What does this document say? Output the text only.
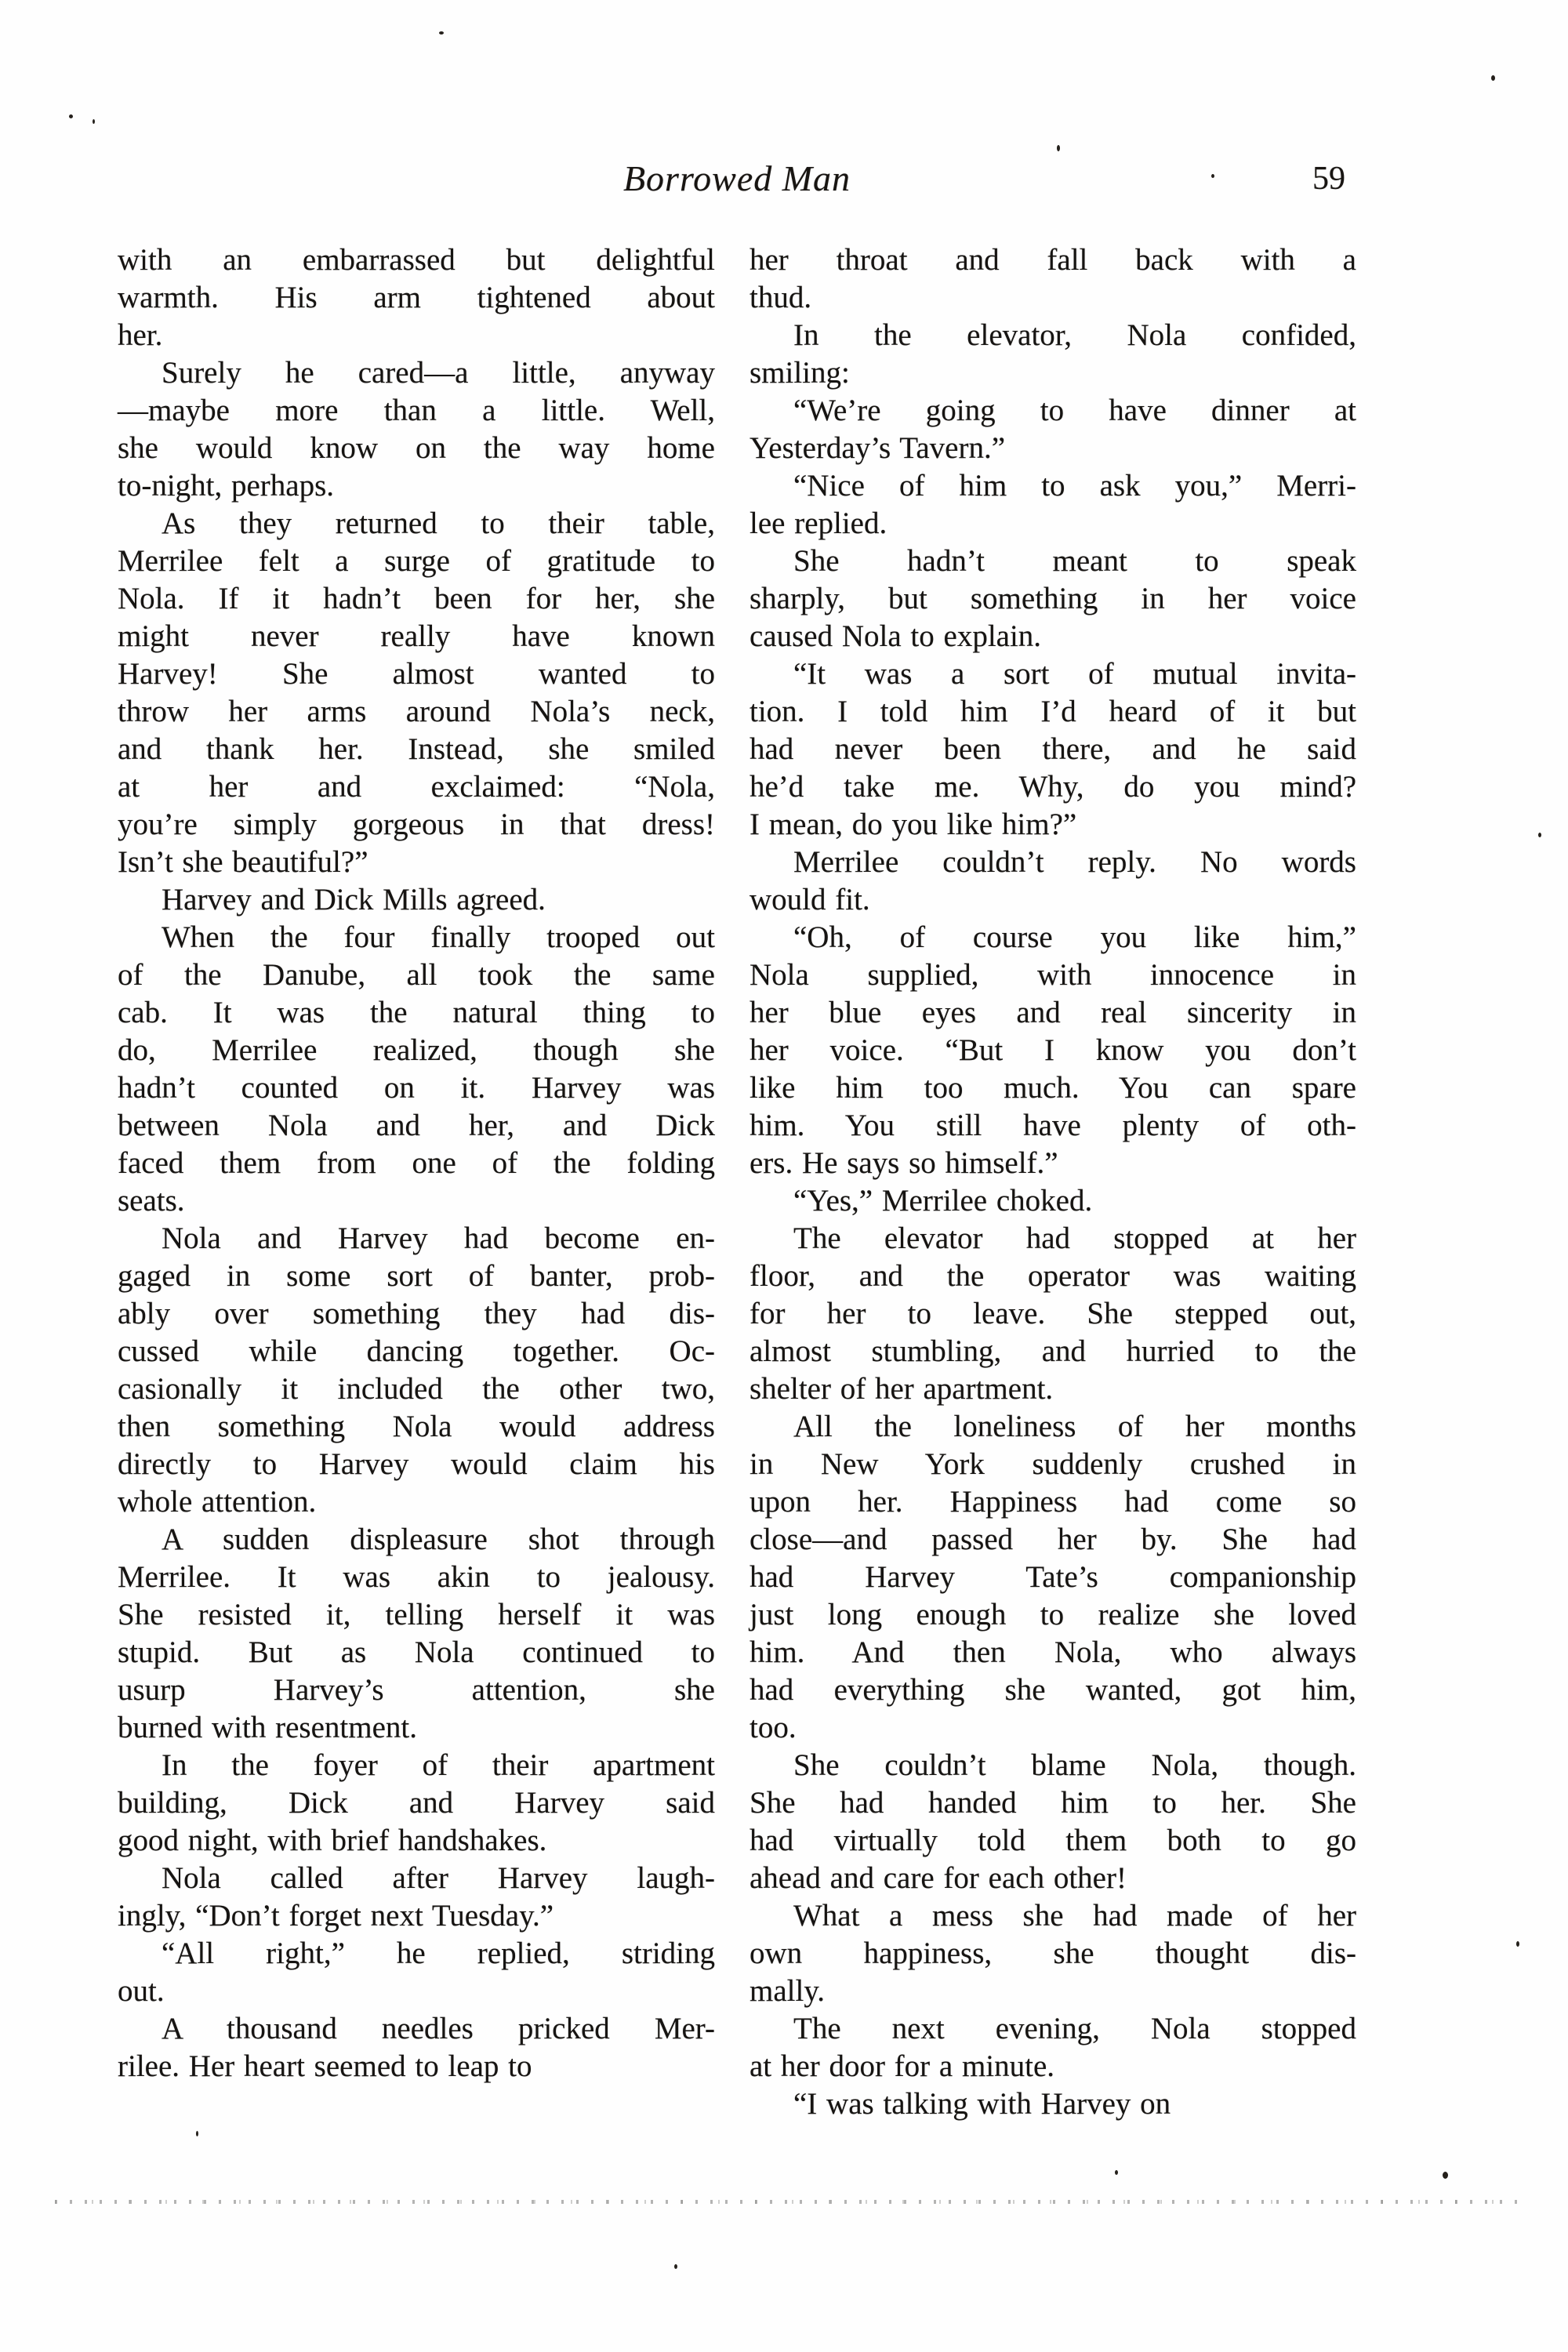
Borrowed Man	59
with an embarrassed but delightful
warmth. His arm tightened about
her.
Surely he cared—a little, anyway
—maybe more than a little. Well,
she would know on the way home
to-night, perhaps.
As they returned to their table,
Merrilee felt a surge of gratitude to
Nola. If it hadn’t been for her, she
might never really have known
Harvey! She almost wanted to
throw her arms around Nola’s neck,
and thank her. Instead, she smiled
at her and exclaimed: “Nola,
you’re simply gorgeous in that dress!
Isn’t she beautiful?”
Harvey and Dick Mills agreed.
When the four finally trooped out
of the Danube, all took the same
cab. It was the natural thing to
do, Merrilee realized, though she
hadn’t counted on it. Harvey was
between Nola and her, and Dick
faced them from one of the folding
seats.
Nola and Harvey had become en-
gaged in some sort of banter, prob-
ably over something they had dis-
cussed while dancing together. Oc-
casionally it included the other two,
then something Nola would address
directly to Harvey would claim his
whole attention.
A sudden displeasure shot through
Merrilee. It was akin to jealousy.
She resisted it, telling herself it was
stupid. But as Nola continued to
usurp Harvey’s attention, she
burned with resentment.
In the foyer of their apartment
building, Dick and Harvey said
good night, with brief handshakes.
Nola called after Harvey laugh-
ingly, “Don’t forget next Tuesday.”
“All right,” he replied, striding
out.
A thousand needles pricked Mer-
rilee. Her heart seemed to leap to
her throat and fall back with a
thud.
In the elevator, Nola confided,
smiling:
“We’re going to have dinner at
Yesterday’s Tavern.”
“Nice of him to ask you,” Merri-
lee replied.
She hadn’t meant to speak
sharply, but something in her voice
caused Nola to explain.
“It was a sort of mutual invita-
tion. I told him I’d heard of it but
had never been there, and he said
he’d take me. Why, do you mind?
I mean, do you like him?”
Merrilee couldn’t reply. No words
would fit.
“Oh, of course you like him,”
Nola supplied, with innocence in
her blue eyes and real sincerity in
her voice. “But I know you don’t
like him too much. You can spare
him. You still have plenty of oth-
ers. He says so himself.”
“Yes,” Merrilee choked.
The elevator had stopped at her
floor, and the operator was waiting
for her to leave. She stepped out,
almost stumbling, and hurried to the
shelter of her apartment.
All the loneliness of her months
in New York suddenly crushed in
upon her. Happiness had come so
close—and passed her by. She had
had Harvey Tate’s companionship
just long enough to realize she loved
him. And then Nola, who always
had everything she wanted, got him,
too.
She couldn’t blame Nola, though.
She had handed him to her. She
had virtually told them both to go
ahead and care for each other!
What a mess she had made of her
own happiness, she thought dis-
mally.
The next evening, Nola stopped
at her door for a minute.
“I was talking with Harvey on
